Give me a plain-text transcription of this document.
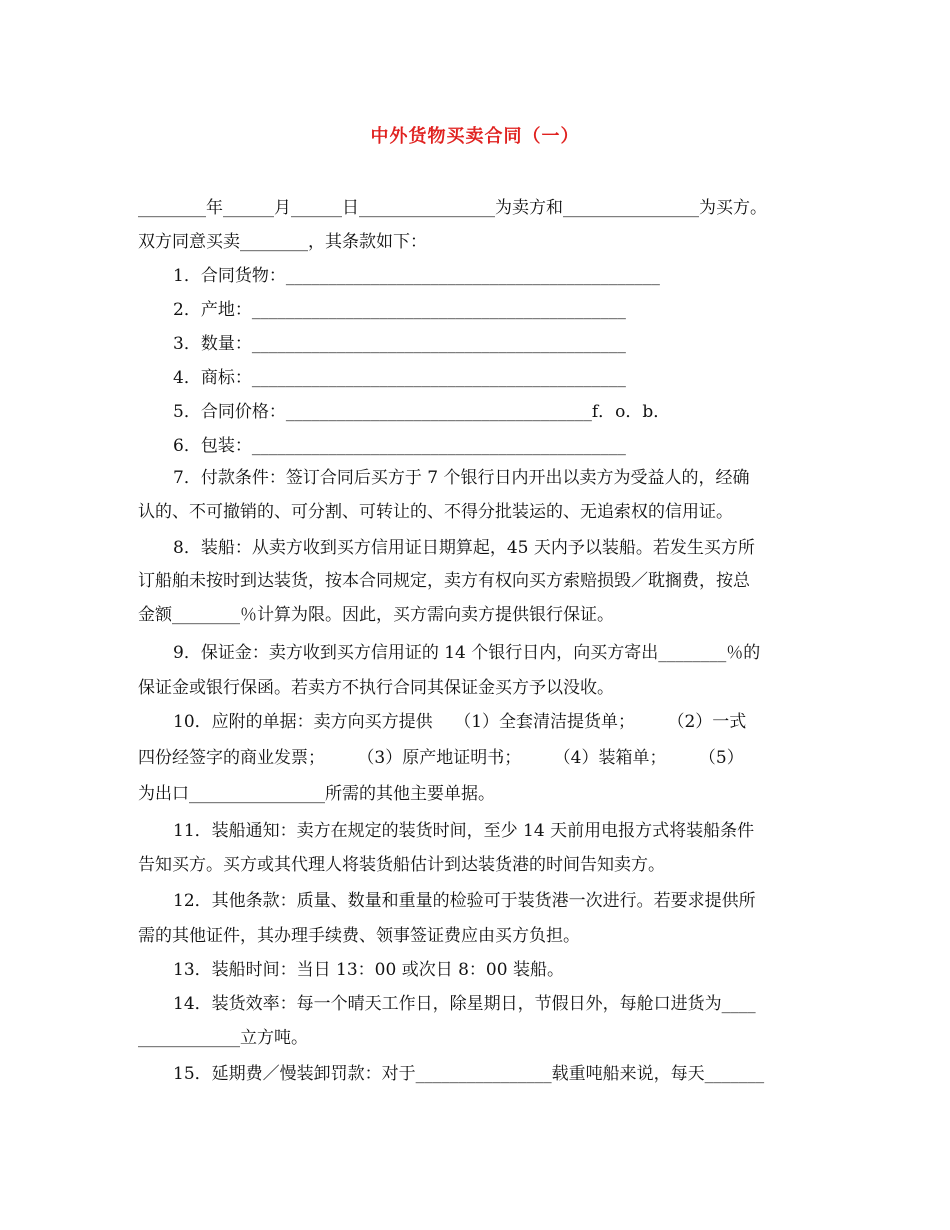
中外货物买卖合同（一）
________年______月______日________________为卖方和________________为买方。
双方同意买卖________，其条款如下：
1．合同货物：____________________________________________
2．产地：____________________________________________
3．数量：____________________________________________
4．商标：____________________________________________
5．合同价格：____________________________________f．o．b．
6．包装：____________________________________________
7．付款条件：签订合同后买方于 7 个银行日内开出以卖方为受益人的，经确
认的、不可撤销的、可分割、可转让的、不得分批装运的、无追索权的信用证。
8．装船：从卖方收到买方信用证日期算起，45 天内予以装船。若发生买方所
订船舶未按时到达装货，按本合同规定，卖方有权向买方索赔损毁／耽搁费，按总
金额________％计算为限。因此，买方需向卖方提供银行保证。
9．保证金：卖方收到买方信用证的 14 个银行日内，向买方寄出________％的
保证金或银行保函。若卖方不执行合同其保证金买方予以没收。
10．应附的单据：卖方向买方提供    （1）全套清洁提货单；      （2）一式
四份经签字的商业发票；      （3）原产地证明书；      （4）装箱单；      （5）
为出口________________所需的其他主要单据。
11．装船通知：卖方在规定的装货时间，至少 14 天前用电报方式将装船条件
告知买方。买方或其代理人将装货船估计到达装货港的时间告知卖方。
12．其他条款：质量、数量和重量的检验可于装货港一次进行。若要求提供所
需的其他证件，其办理手续费、领事签证费应由买方负担。
13．装船时间：当日 13：00 或次日 8：00 装船。
14．装货效率：每一个晴天工作日，除星期日，节假日外，每舱口进货为____
____________立方吨。
15．延期费／慢装卸罚款：对于________________载重吨船来说，每天_______
